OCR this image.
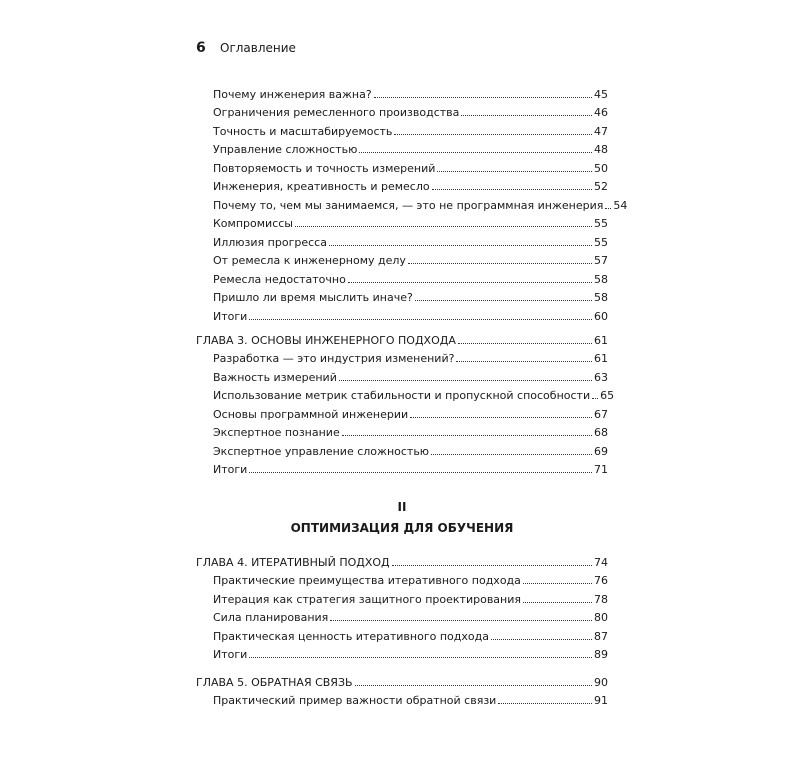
6	Оглавление
Почему инженерия важна?	45
Ограничения ремесленного производства	46
Точность и масштабируемость	47
Управление сложностью	48
Повторяемость и точность измерений	50
Инженерия, креативность и ремесло	52
Почему то, чем мы занимаемся, — это не программная инженерия 54
Компромиссы	55
Иллюзия прогресса	55
От ремесла к инженерному делу	57
Ремесла недостаточно	58
Пришло ли время мыслить иначе?	58
Итоги	60
ГЛАВА 3. ОСНОВЫ ИНЖЕНЕРНОГО ПОДХОДА	61
Разработка — это индустрия изменений?	61
Важность измерений	63
Использование метрик стабильности и пропускной способности 65
Основы программной инженерии	67
Экспертное познание	68
Экспертное управление сложностью	69
Итоги	71
II
ОПТИМИЗАЦИЯ ДЛЯ ОБУЧЕНИЯ
ГЛАВА 4. ИТЕРАТИВНЫЙ ПОДХОД	74
Практические преимущества итеративного подхода	76
Итерация как стратегия защитного проектирования	78
Сила планирования	80
Практическая ценность итеративного подхода	87
Итоги	89
ГЛАВА 5. ОБРАТНАЯ СВЯЗЬ	90
Практический пример важности обратной связи	91
